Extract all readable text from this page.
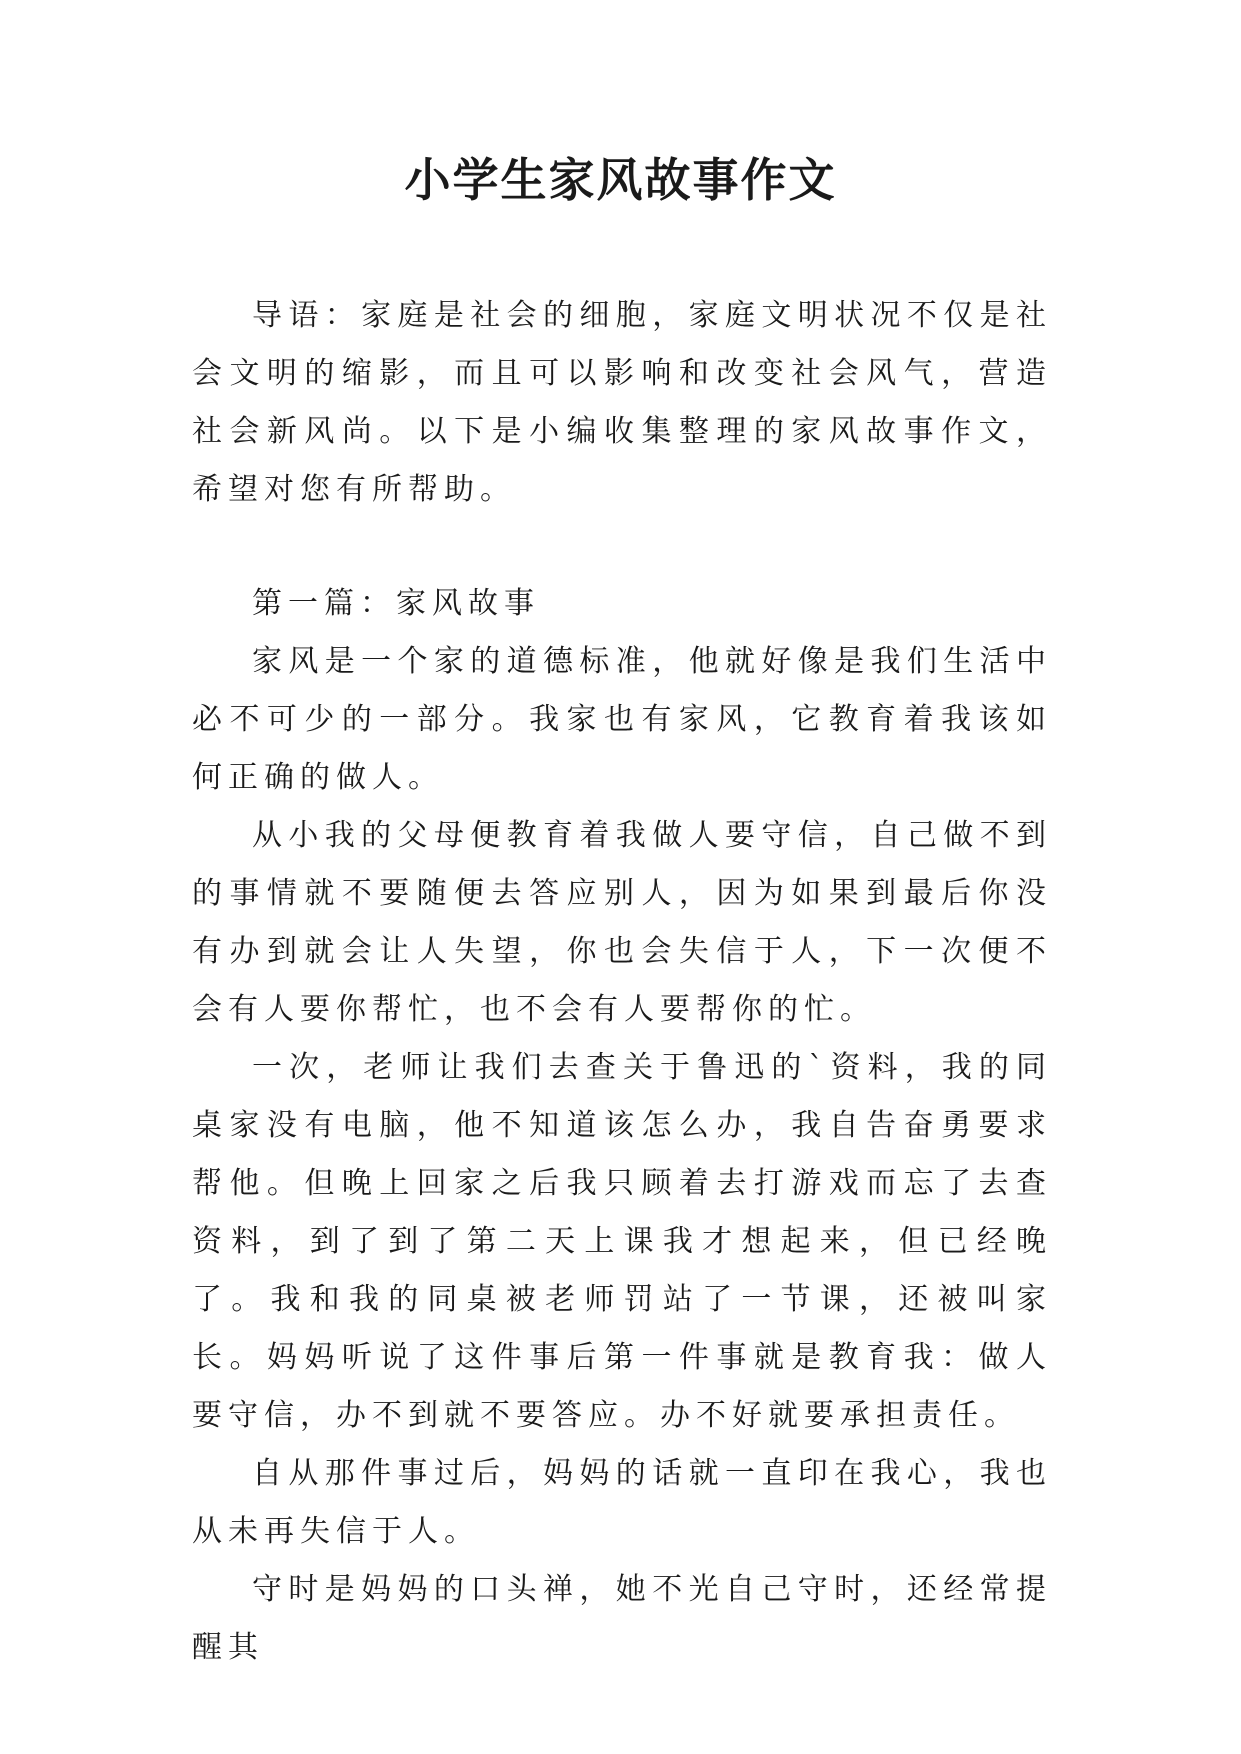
小学生家风故事作文

导语：家庭是社会的细胞，家庭文明状况不仅是社会文明的缩影，而且可以影响和改变社会风气，营造社会新风尚。以下是小编收集整理的家风故事作文，希望对您有所帮助。

第一篇：家风故事

家风是一个家的道德标准，他就好像是我们生活中必不可少的一部分。我家也有家风，它教育着我该如何正确的做人。

从小我的父母便教育着我做人要守信，自己做不到的事情就不要随便去答应别人，因为如果到最后你没有办到就会让人失望，你也会失信于人，下一次便不会有人要你帮忙，也不会有人要帮你的忙。

一次，老师让我们去查关于鲁迅的`资料，我的同桌家没有电脑，他不知道该怎么办，我自告奋勇要求帮他。但晚上回家之后我只顾着去打游戏而忘了去查资料，到了到了第二天上课我才想起来，但已经晚了。我和我的同桌被老师罚站了一节课，还被叫家长。妈妈听说了这件事后第一件事就是教育我：做人要守信，办不到就不要答应。办不好就要承担责任。

自从那件事过后，妈妈的话就一直印在我心，我也从未再失信于人。

守时是妈妈的口头禅，她不光自己守时，还经常提醒其
